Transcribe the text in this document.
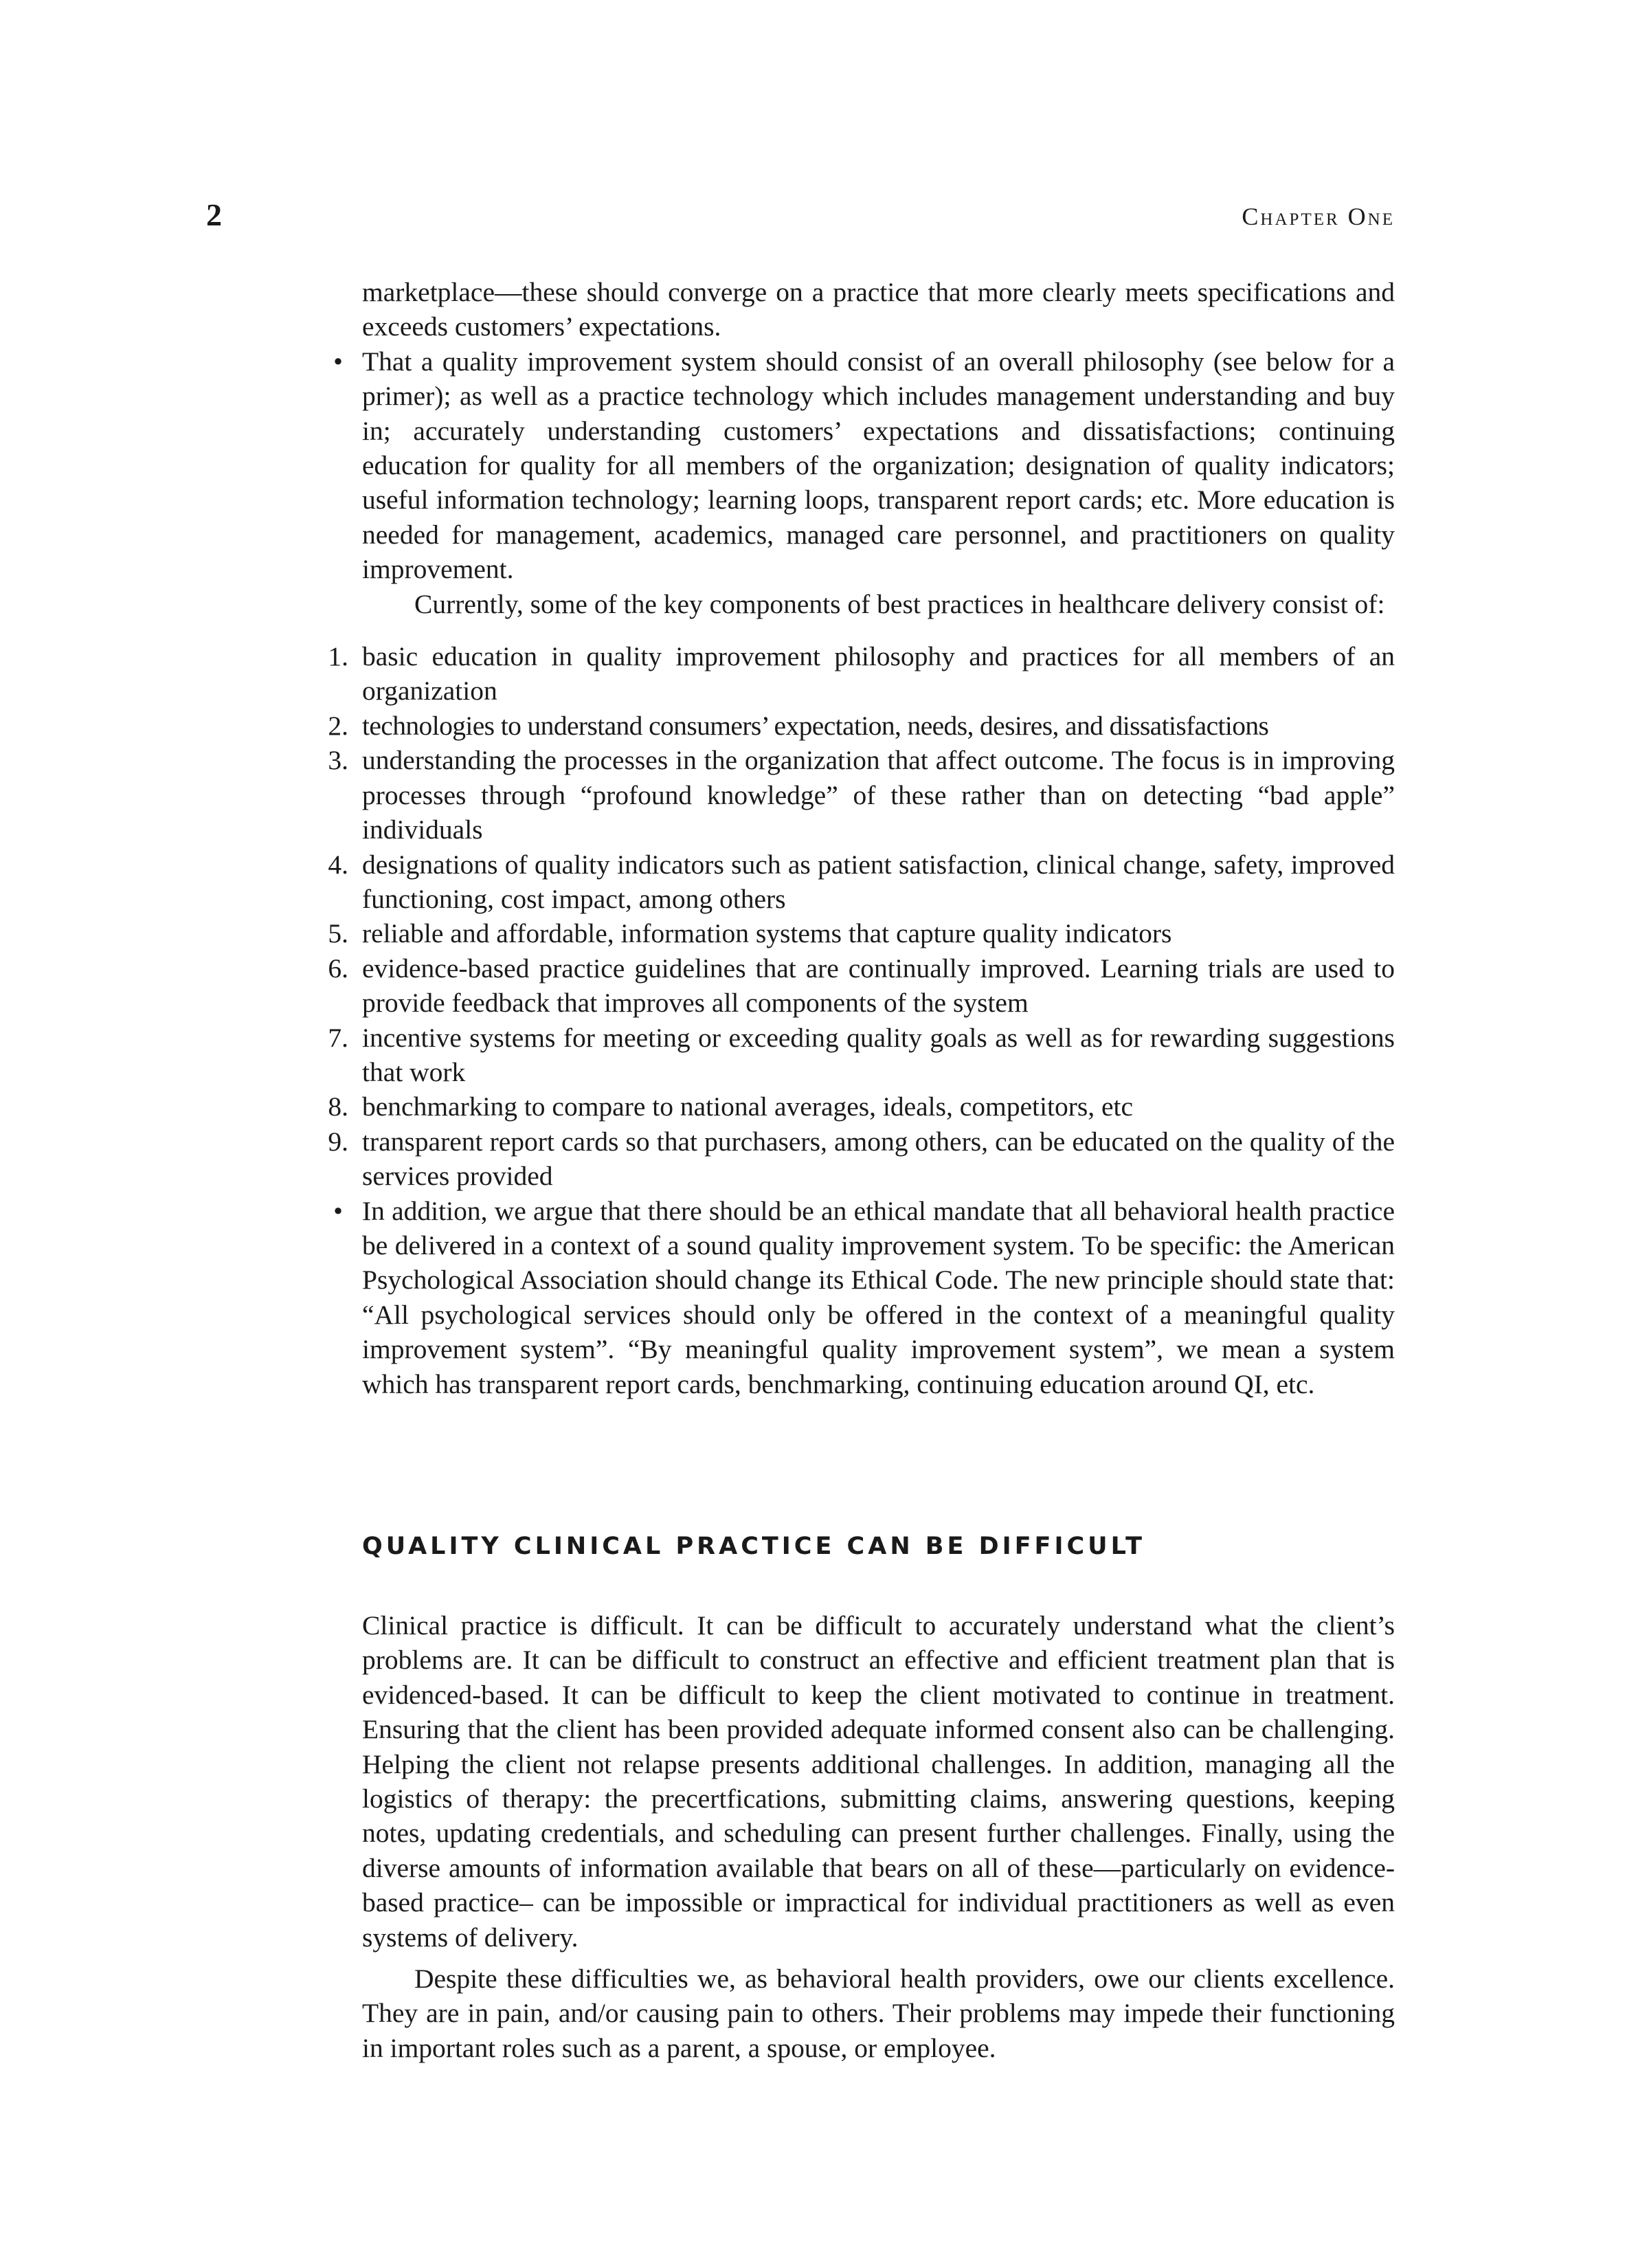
2	Chapter One

marketplace—these should converge on a practice that more clearly meets specifications and exceeds customers’ expectations.

• That a quality improvement system should consist of an overall philosophy (see below for a primer); as well as a practice technology which includes management understanding and buy in; accurately understanding customers’ expectations and dissatisfactions; continuing education for quality for all members of the organization; designation of quality indicators; useful information technology; learning loops, transparent report cards; etc. More education is needed for management, academics, managed care personnel, and practitioners on quality improvement.

Currently, some of the key components of best practices in healthcare delivery consist of:

1. basic education in quality improvement philosophy and practices for all members of an organization
2. technologies to understand consumers’ expectation, needs, desires, and dissatisfactions
3. understanding the processes in the organization that affect outcome. The focus is in improving processes through “profound knowledge” of these rather than on detecting “bad apple” individuals
4. designations of quality indicators such as patient satisfaction, clinical change, safety, improved functioning, cost impact, among others
5. reliable and affordable, information systems that capture quality indicators
6. evidence-based practice guidelines that are continually improved. Learning trials are used to provide feedback that improves all components of the system
7. incentive systems for meeting or exceeding quality goals as well as for rewarding suggestions that work
8. benchmarking to compare to national averages, ideals, competitors, etc
9. transparent report cards so that purchasers, among others, can be educated on the quality of the services provided
• In addition, we argue that there should be an ethical mandate that all behavioral health practice be delivered in a context of a sound quality improvement system. To be specific: the American Psychological Association should change its Ethical Code. The new principle should state that: “All psychological services should only be offered in the context of a meaningful quality improvement system”. “By meaningful quality improvement system”, we mean a system which has transparent report cards, benchmarking, continuing education around QI, etc.
QUALITY CLINICAL PRACTICE CAN BE DIFFICULT

Clinical practice is difficult. It can be difficult to accurately understand what the client’s problems are. It can be difficult to construct an effective and efficient treatment plan that is evidenced-based. It can be difficult to keep the client motivated to continue in treatment. Ensuring that the client has been provided adequate informed consent also can be challenging. Helping the client not relapse presents additional challenges. In addition, managing all the logistics of therapy: the precertfications, submitting claims, answering questions, keeping notes, updating credentials, and scheduling can present further challenges. Finally, using the diverse amounts of information available that bears on all of these—particularly on evidence-based practice– can be impossible or impractical for individual practitioners as well as even systems of delivery.

Despite these difficulties we, as behavioral health providers, owe our clients excellence. They are in pain, and/or causing pain to others. Their problems may impede their functioning in important roles such as a parent, a spouse, or employee.
